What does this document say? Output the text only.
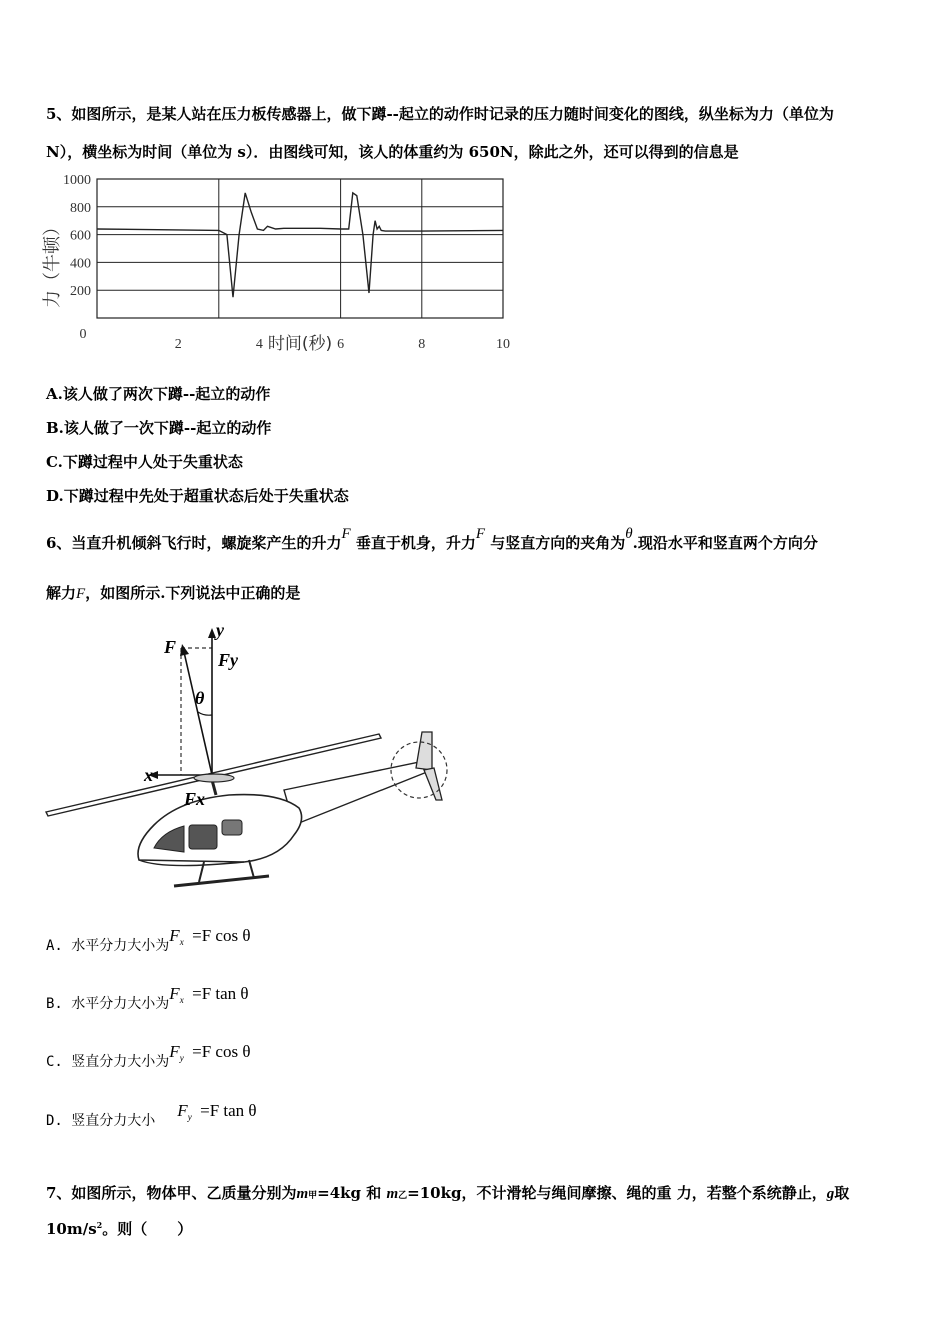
5、如图所示，是某人站在压力板传感器上，做下蹲--起立的动作时记录的压力随时间变化的图线，纵坐标为力（单位为
N），横坐标为时间（单位为 s）．由图线可知，该人的体重约为 650N，除此之外，还可以得到的信息是
200
400
600
800
1000
0
2	4	6	8	10
时间(秒)
力（牛顿）
A.该人做了两次下蹲--起立的动作
B.该人做了一次下蹲--起立的动作
C.下蹲过程中人处于失重状态
D.下蹲过程中先处于超重状态后处于失重状态
6、当直升机倾斜飞行时，螺旋桨产生的升力F 垂直于机身，升力F 与竖直方向的夹角为θ.现沿水平和竖直两个方向分
解力F，如图所示.下列说法中正确的是
F
y
Fy
θ
x
Fx
A. 水平分力大小为$F^x =F$ cos θ
B. 水平分力大小为$F^x =F$ tan θ
C. 竖直分力大小为$F^y =F$ cos θ
D. 竖直分力大小$F^y =F$ tan θ
7、如图所示，物体甲、乙质量分别为m甲=4kg 和 m乙=10kg，不计滑轮与绳间摩擦、绳的重 力，若整个系统静止，g取
$10m/s^2$。则（　　）
